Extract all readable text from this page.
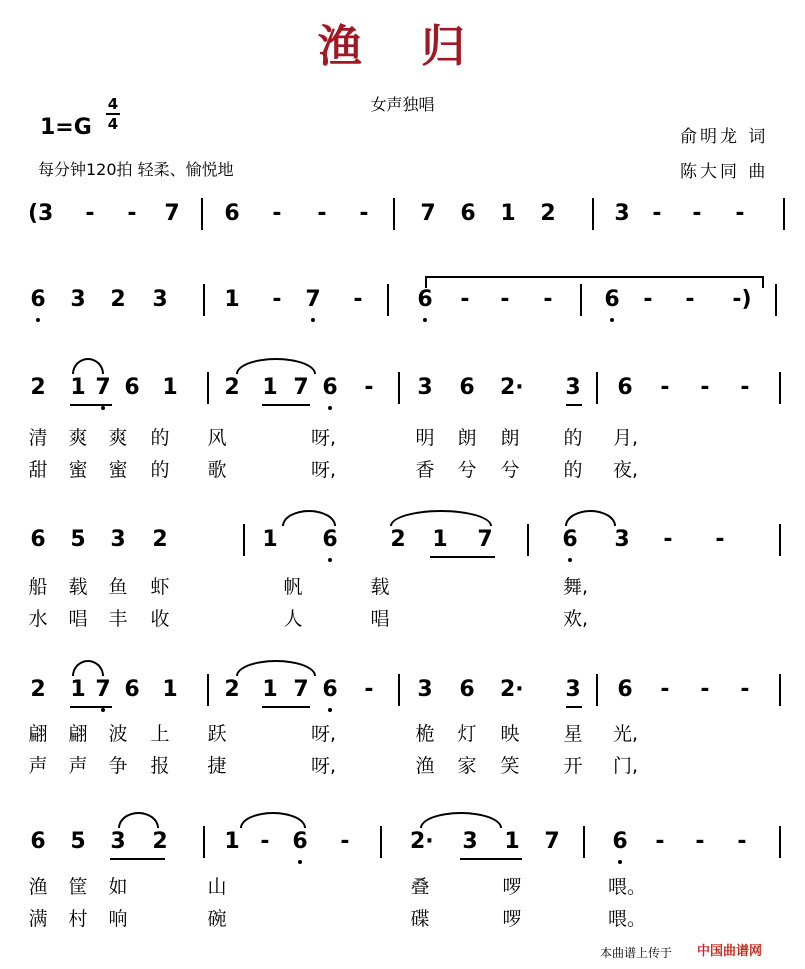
渔 归
女声独唱
1=G
4
4
每分钟120拍 轻柔、愉悦地
俞明龙 词
陈大同 曲
(3 - - 7 6 - - - 7 6 1 2	3 - - -
6 3 2 3	1 - 7 - 6 - - - 6 - - -)
2 1 7 6 1 2 1 7 6 - 3 6 2· 3 6 - - -
6 5 3 2	1 6 2 1 7	6 3 - -
2 1 7 6 1 2 1 7 6 - 3 6 2· 3 6 - - -
6 5 3 2	1 - 6 -	2· 3 1 7 6 - - -
清 爽 爽 的 风	呀,	明 朗 朗 的 月,
甜 蜜 蜜 的 歌	呀,	香 兮 兮 的 夜,
船 载 鱼 虾	帆	载	舞,
水 唱 丰 收	人	唱	欢,
翩 翩 波 上 跃	呀,	桅 灯 映 星 光,
声 声 争 报 捷	呀,	渔 家 笑 开 门,
渔 筐 如	山	叠	啰	喂。
满 村 响	碗	碟	啰	喂。
本曲谱上传于 中国曲谱网
